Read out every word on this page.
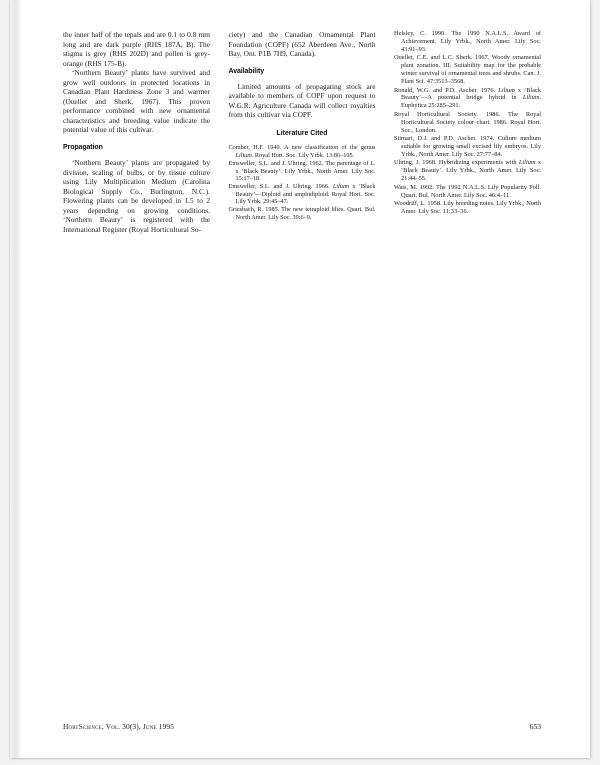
the inner half of the tepals and are 0.1 to 0.8 mm long and are dark purple (RHS 187A, B). The stigma is grey (RHS 202D) and pollen is grey-orange (RHS 175-B).

‘Northern Beauty’ plants have survived and grow well outdoors in protected locations in Canadian Plant Hardiness Zone 3 and warmer (Ouellet and Sherk, 1967). This proven performance combined with new ornamental characteristics and breeding value indicate the potential value of this cultivar.

Propagation

‘Northern Beauty’ plants are propagated by division, scaling of bulbs, or by tissue culture using Lily Multiplication Medium (Carolina Biological Supply Co., Burlington, N.C.). Flowering plants can be developed in 1.5 to 2 years depending on growing conditions. ‘Northern Beauty’ is registered with the International Register (Royal Horticultural So-

ciety) and the Canadian Ornamental Plant Foundation (COPF) (652 Aberdeen Ave., North Bay, Ont. P1B 7H9, Canada).

Availability

Limited amounts of propagating stock are available to members of COPF upon request to W.G.R. Agriculture Canada will collect royalties from this cultivar via COPF.

Literature Cited
Comber, H.F. 1949. A new classification of the genus Lilium. Royal Hort. Soc. Lily Yrbk. 13:86–105.
Emsweller, S.L. and J. Uhring. 1962. The parentage of L. x ‘Black Beauty’. Lily Yrbk., North Amer. Lily Soc. 15:17–18.
Emsweller, S.L. and J. Uhring. 1966. Lilium x ‘Black Beauty’—Diploid and amphidiploid. Royal Hort. Soc. Lily Yrbk. 29:45–47.
Griesbach, R. 1985. The new tetraploid lilies. Quart. Bul. North Amer. Lily Soc. 39:6–9.
Helsley, C. 1990. The 1990 N.A.L.S. Award of Achievement. Lily Yrbk., North Amer. Lily Soc. 43:91–93.
Ouellet, C.E. and L.C. Sherk. 1967. Woody ornamental plant zonation. III. Suitability map for the probable winter survival of ornamental trees and shrubs. Can. J. Plant Sci. 47:3513–3568.
Ronald, W.G. and P.D. Ascher. 1976. Lilium x ‘Black Beauty’—A potential bridge hybrid in Lilium. Euphytica 25:285–291.
Royal Horticultural Society. 1986. The Royal Horticultural Society colour chart. 1986. Royal Hort. Soc., London.
Stimart, D.J. and P.D. Ascher. 1974. Culture medium suitable for growing small excised lily embryos. Lily Yrbk., North Amer. Lily Soc. 27:77–84.
Uhring, J. 1968. Hybridizing experiments with Lilium x ‘Black Beauty’. Lily Yrbk., North Amer. Lily Soc. 21:44–55.
Wais, M. 1992. The 1992 N.A.L.S. Lily Popularity Poll. Quart. Bul. North Amer. Lily Soc. 46:4–11.
Woodriff, L. 1958. Lily breeding notes. Lily Yrbk., North Amer. Lily Soc. 11:33–36.
HortScience, Vol. 30(3), June 1995	653
